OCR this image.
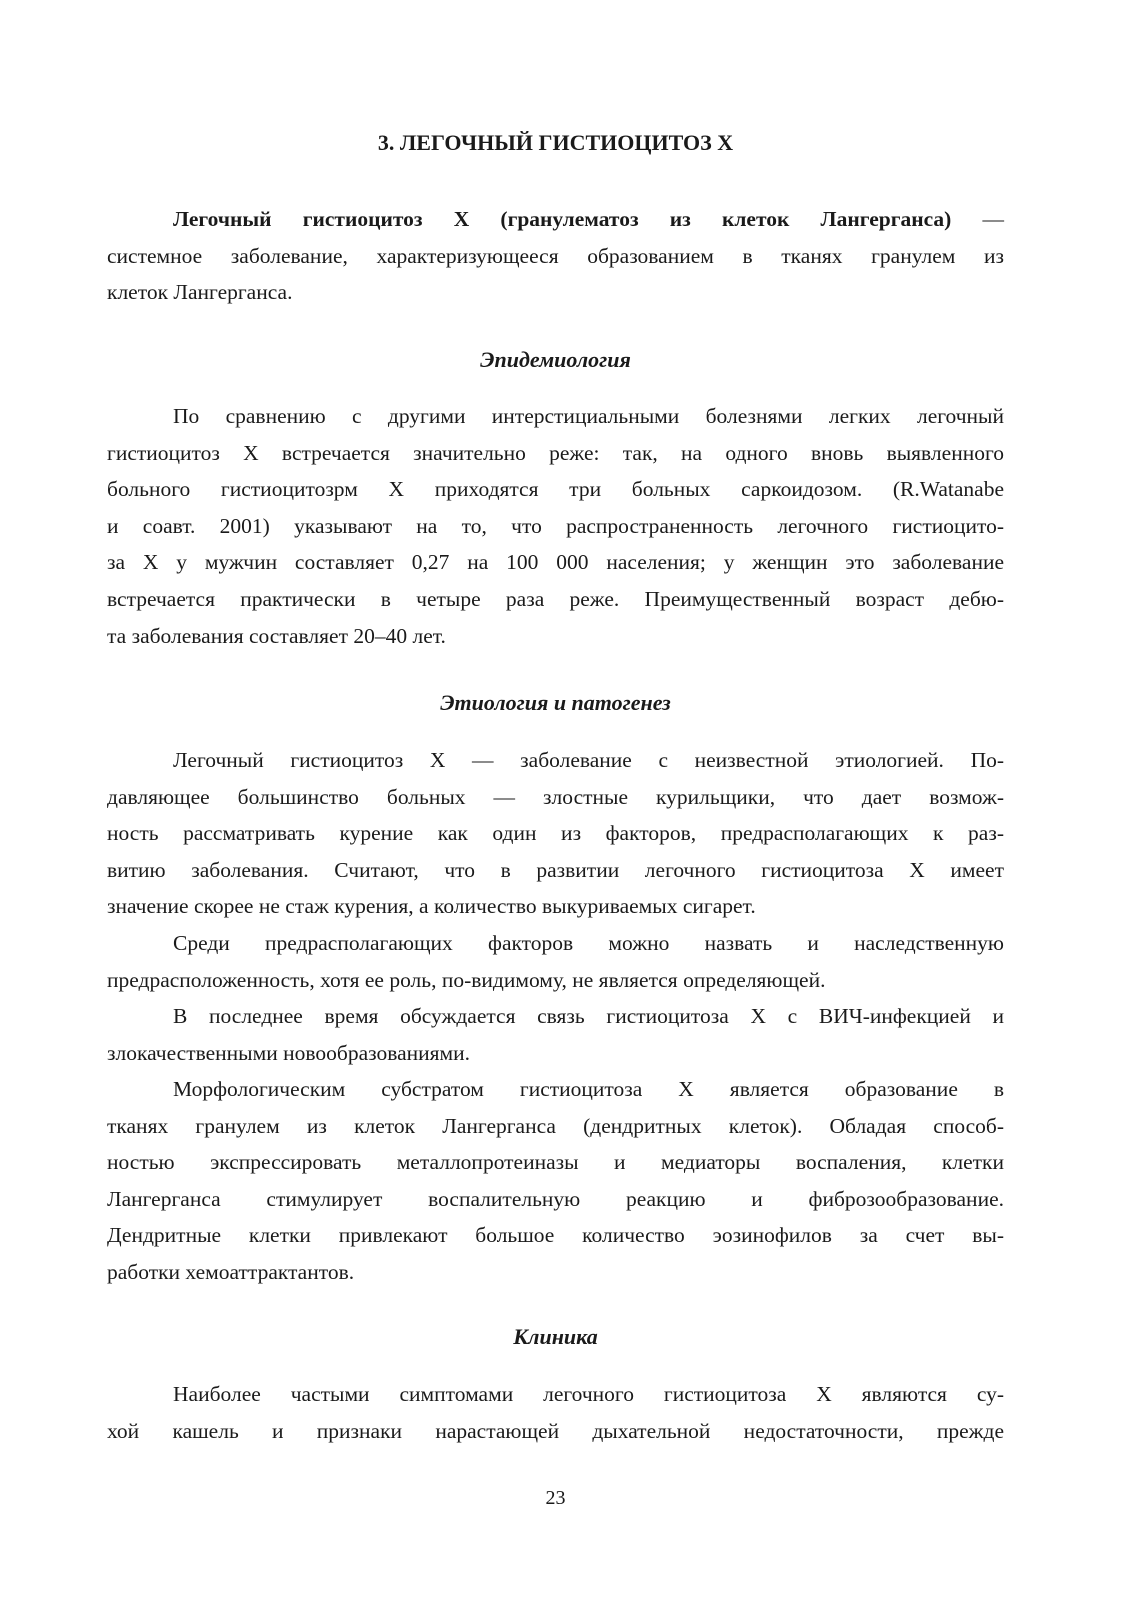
3. ЛЕГОЧНЫЙ ГИСТИОЦИТОЗ Х

Легочный гистиоцитоз Х (гранулематоз из клеток Лангерганса) —
системное заболевание, характеризующееся образованием в тканях гранулем из
клеток Лангерганса.

Эпидемиология

По сравнению с другими интерстициальными болезнями легких легочный
гистиоцитоз Х встречается значительно реже: так, на одного вновь выявленного
больного гистиоцитозрм Х приходятся три больных саркоидозом. (R.Watanabe
и соавт. 2001) указывают на то, что распространенность легочного гистиоцито-
за Х у мужчин составляет 0,27 на 100 000 населения; у женщин это заболевание
встречается практически в четыре раза реже. Преимущественный возраст дебю-
та заболевания составляет 20–40 лет.

Этиология и патогенез

Легочный гистиоцитоз Х — заболевание с неизвестной этиологией. По-
давляющее большинство больных — злостные курильщики, что дает возмож-
ность рассматривать курение как один из факторов, предрасполагающих к раз-
витию заболевания. Считают, что в развитии легочного гистиоцитоза Х имеет
значение скорее не стаж курения, а количество выкуриваемых сигарет.

Среди предрасполагающих факторов можно назвать и наследственную
предрасположенность, хотя ее роль, по-видимому, не является определяющей.

В последнее время обсуждается связь гистиоцитоза Х с ВИЧ-инфекцией и
злокачественными новообразованиями.

Морфологическим субстратом гистиоцитоза Х является образование в
тканях гранулем из клеток Лангерганса (дендритных клеток). Обладая способ-
ностью экспрессировать металлопротеиназы и медиаторы воспаления, клетки
Лангерганса стимулирует воспалительную реакцию и фиброзообразование.
Дендритные клетки привлекают большое количество эозинофилов за счет вы-
работки хемоаттрактантов.

Клиника

Наиболее частыми симптомами легочного гистиоцитоза Х являются су-
хой кашель и признаки нарастающей дыхательной недостаточности, прежде

23
